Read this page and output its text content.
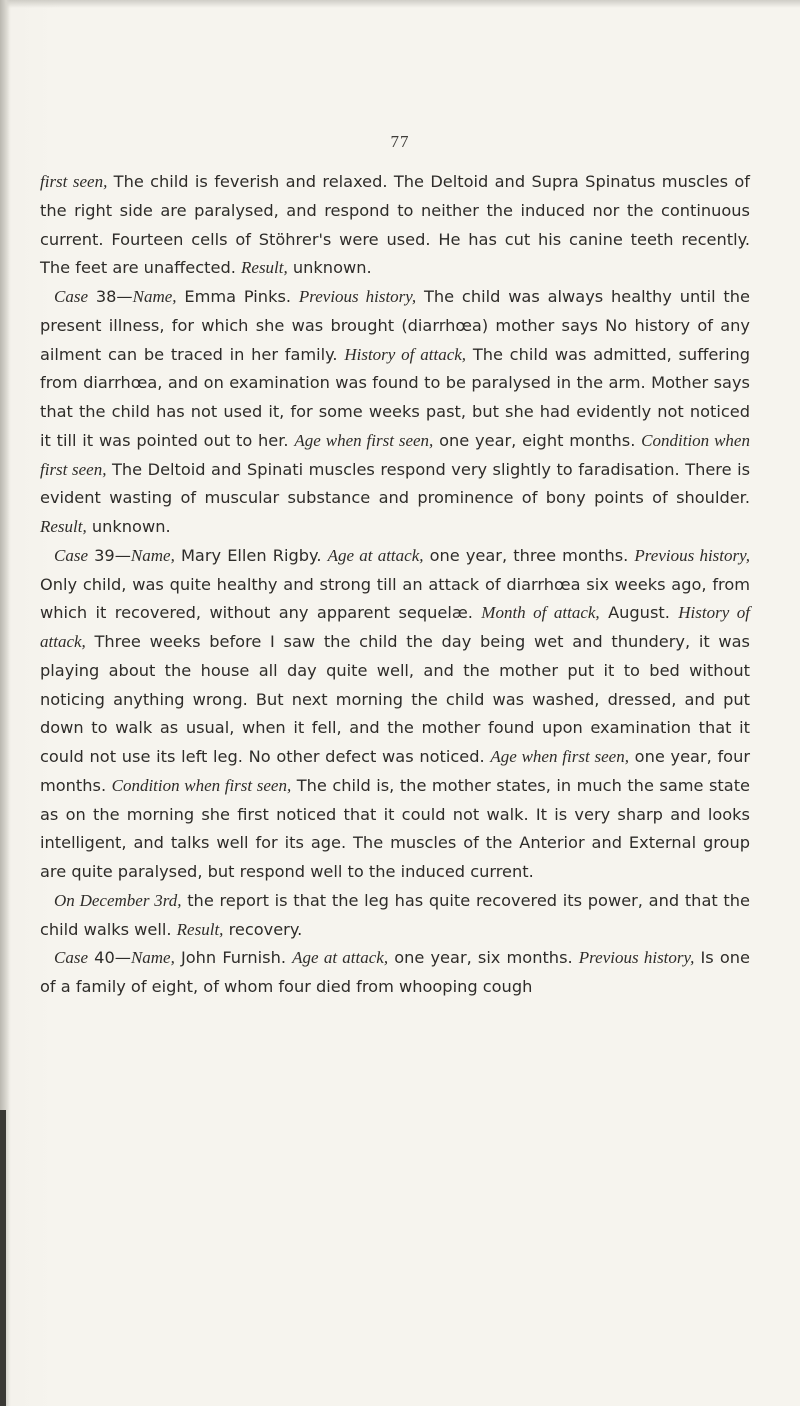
77

first seen, The child is feverish and relaxed. The Deltoid and Supra Spinatus muscles of the right side are paralysed, and respond to neither the induced nor the continuous current. Fourteen cells of Stöhrer's were used. He has cut his canine teeth recently. The feet are unaffected. Result, unknown.

Case 38—Name, Emma Pinks. Previous history, The child was always healthy until the present illness, for which she was brought (diarrhœa) mother says No history of any ailment can be traced in her family. History of attack, The child was admitted, suffering from diarrhœa, and on examination was found to be paralysed in the arm. Mother says that the child has not used it, for some weeks past, but she had evidently not noticed it till it was pointed out to her. Age when first seen, one year, eight months. Condition when first seen, The Deltoid and Spinati muscles respond very slightly to faradisation. There is evident wasting of muscular substance and prominence of bony points of shoulder. Result, unknown.

Case 39—Name, Mary Ellen Rigby. Age at attack, one year, three months. Previous history, Only child, was quite healthy and strong till an attack of diarrhœa six weeks ago, from which it recovered, without any apparent sequelæ. Month of attack, August. History of attack, Three weeks before I saw the child the day being wet and thundery, it was playing about the house all day quite well, and the mother put it to bed without noticing anything wrong. But next morning the child was washed, dressed, and put down to walk as usual, when it fell, and the mother found upon examination that it could not use its left leg. No other defect was noticed. Age when first seen, one year, four months. Condition when first seen, The child is, the mother states, in much the same state as on the morning she first noticed that it could not walk. It is very sharp and looks intelligent, and talks well for its age. The muscles of the Anterior and External group are quite paralysed, but respond well to the induced current.

On December 3rd, the report is that the leg has quite recovered its power, and that the child walks well. Result, recovery.

Case 40—Name, John Furnish. Age at attack, one year, six months. Previous history, Is one of a family of eight, of whom four died from whooping cough
